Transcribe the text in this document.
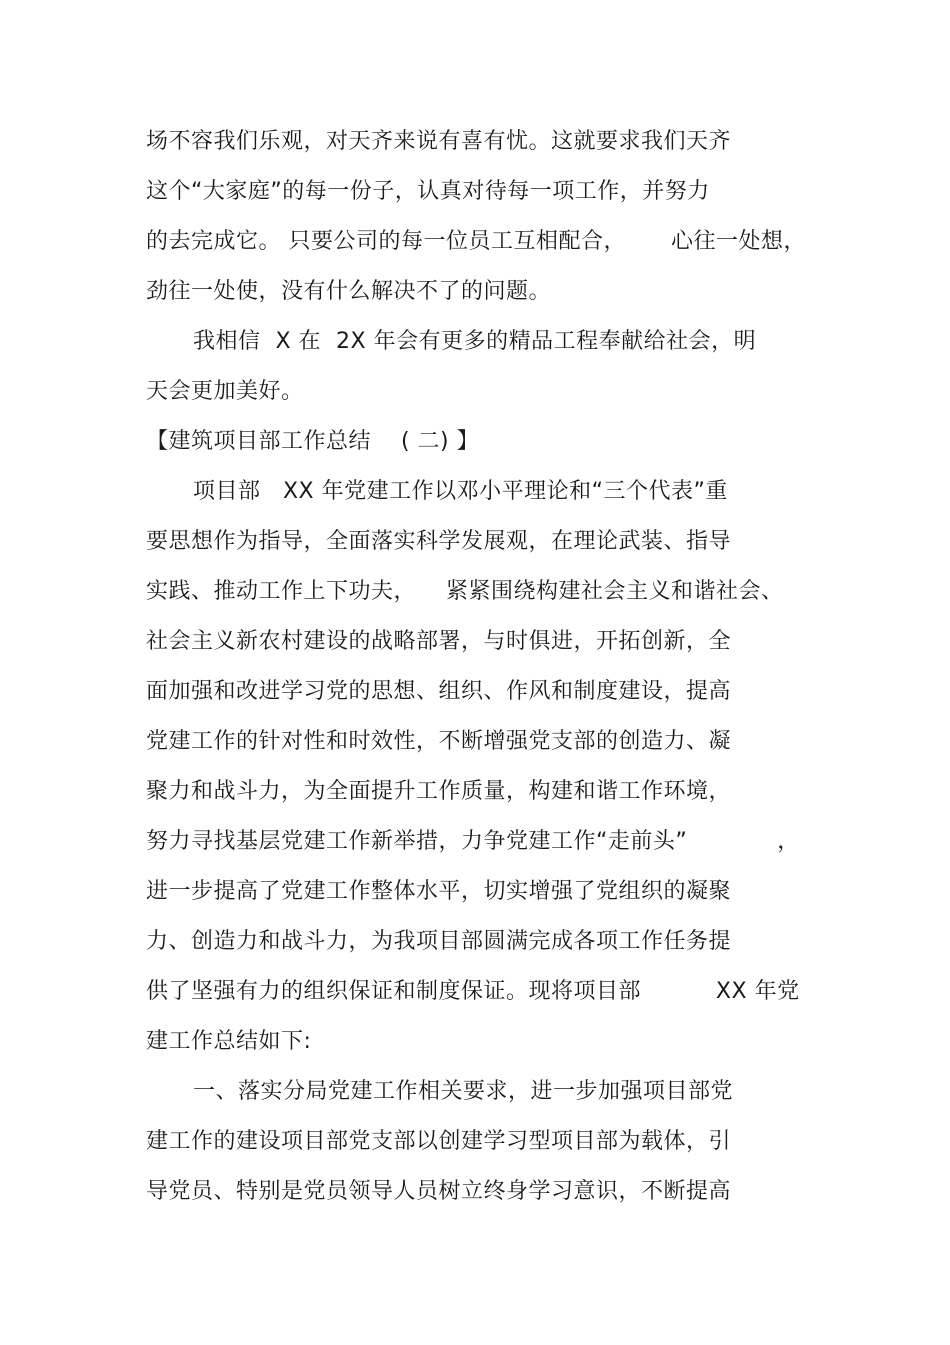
场不容我们乐观，对天齐来说有喜有忧。这就要求我们天齐
这个“大家庭”的每一份子，认真对待每一项工作，并努力
的去完成它。 只要公司的每一位员工互相配合，      心往一处想，
劲往一处使，没有什么解决不了的问题。
我相信  X 在  2X 年会有更多的精品工程奉献给社会，明
天会更加美好。
【建筑项目部工作总结    ( 二) 】
项目部   XX 年党建工作以邓小平理论和“三个代表”重
要思想作为指导，全面落实科学发展观，在理论武装、指导
实践、推动工作上下功夫，    紧紧围绕构建社会主义和谐社会、
社会主义新农村建设的战略部署，与时俱进，开拓创新，全
面加强和改进学习党的思想、组织、作风和制度建设，提高
党建工作的针对性和时效性，不断增强党支部的创造力、凝
聚力和战斗力，为全面提升工作质量，构建和谐工作环境，
努力寻找基层党建工作新举措，力争党建工作“走前头”            ，
进一步提高了党建工作整体水平，切实增强了党组织的凝聚
力、创造力和战斗力，为我项目部圆满完成各项工作任务提
供了坚强有力的组织保证和制度保证。现将项目部          XX 年党
建工作总结如下:
一、落实分局党建工作相关要求，进一步加强项目部党
建工作的建设项目部党支部以创建学习型项目部为载体，引
导党员、特别是党员领导人员树立终身学习意识，不断提高
